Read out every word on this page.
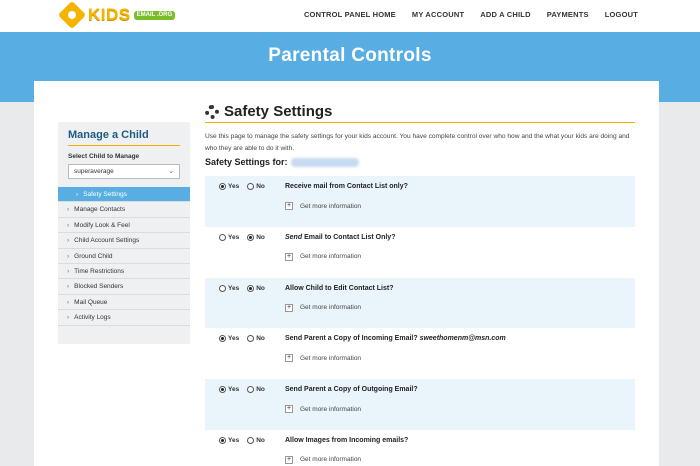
KIDS	EMAIL .ORG	CONTROL PANEL HOME MY ACCOUNT ADD A CHILD PAYMENTS LOGOUT
Parental Controls
Manage a Child
Select Child to Manage
superaverage	⌄
› Safety Settings
› Manage Contacts
› Modify Look & Feel
› Child Account Settings
› Ground Child
› Time Restrictions
› Blocked Senders
› Mail Queue
› Activity Logs
Safety Settings

Use this page to manage the safety settings for your kids account. You have complete control over who how and the what your kids are doing and who they are able to do it with.

Safety Settings for:
Yes	No	Receive mail from Contact List only?
+	Get more information
Yes	No	Send Email to Contact List Only?
+	Get more information
Yes	No	Allow Child to Edit Contact List?
+	Get more information
Yes	No	Send Parent a Copy of Incoming Email? sweethomenm@msn.com
+	Get more information
Yes	No	Send Parent a Copy of Outgoing Email?
+	Get more information
Yes	No	Allow Images from Incoming emails?
+	Get more information
